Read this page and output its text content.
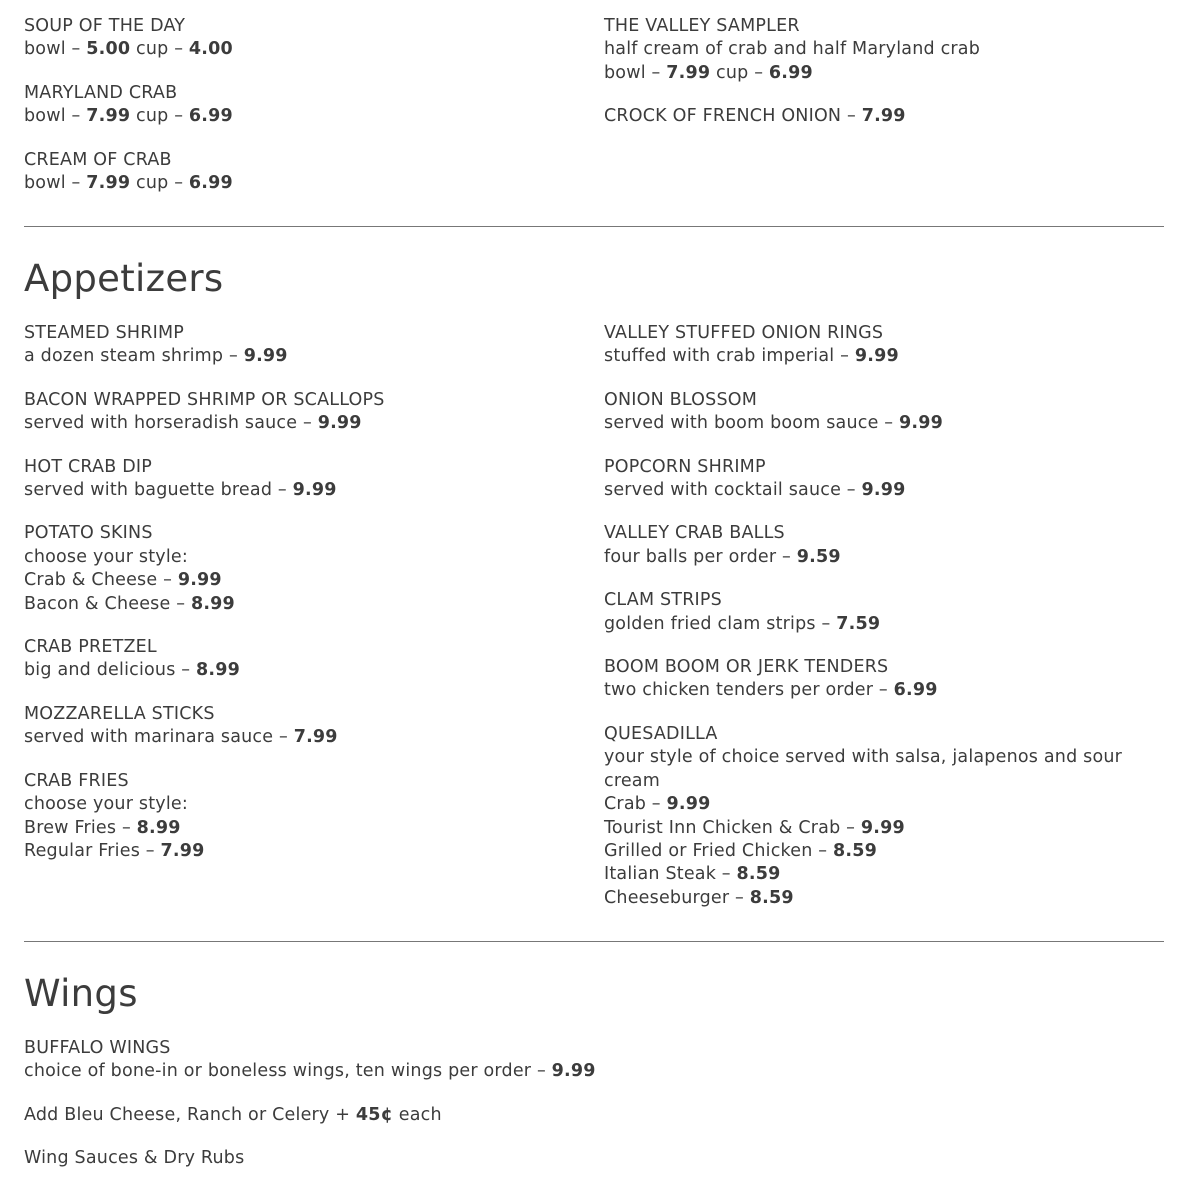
SOUP OF THE DAY
bowl – 5.00 cup – 4.00
MARYLAND CRAB
bowl – 7.99 cup – 6.99
CREAM OF CRAB
bowl – 7.99 cup – 6.99
THE VALLEY SAMPLER
half cream of crab and half Maryland crab
bowl – 7.99 cup – 6.99
CROCK OF FRENCH ONION – 7.99
Appetizers
STEAMED SHRIMP
a dozen steam shrimp – 9.99
BACON WRAPPED SHRIMP OR SCALLOPS
served with horseradish sauce – 9.99
HOT CRAB DIP
served with baguette bread – 9.99
POTATO SKINS
choose your style:
Crab & Cheese – 9.99
Bacon & Cheese – 8.99
CRAB PRETZEL
big and delicious – 8.99
MOZZARELLA STICKS
served with marinara sauce – 7.99
CRAB FRIES
choose your style:
Brew Fries – 8.99
Regular Fries – 7.99
VALLEY STUFFED ONION RINGS
stuffed with crab imperial – 9.99
ONION BLOSSOM
served with boom boom sauce – 9.99
POPCORN SHRIMP
served with cocktail sauce – 9.99
VALLEY CRAB BALLS
four balls per order – 9.59
CLAM STRIPS
golden fried clam strips – 7.59
BOOM BOOM OR JERK TENDERS
two chicken tenders per order – 6.99
QUESADILLA
your style of choice served with salsa, jalapenos and sour cream
Crab – 9.99
Tourist Inn Chicken & Crab – 9.99
Grilled or Fried Chicken – 8.59
Italian Steak – 8.59
Cheeseburger – 8.59
Wings
BUFFALO WINGS
choice of bone-in or boneless wings, ten wings per order – 9.99
Add Bleu Cheese, Ranch or Celery + 45¢ each
Wing Sauces & Dry Rubs
